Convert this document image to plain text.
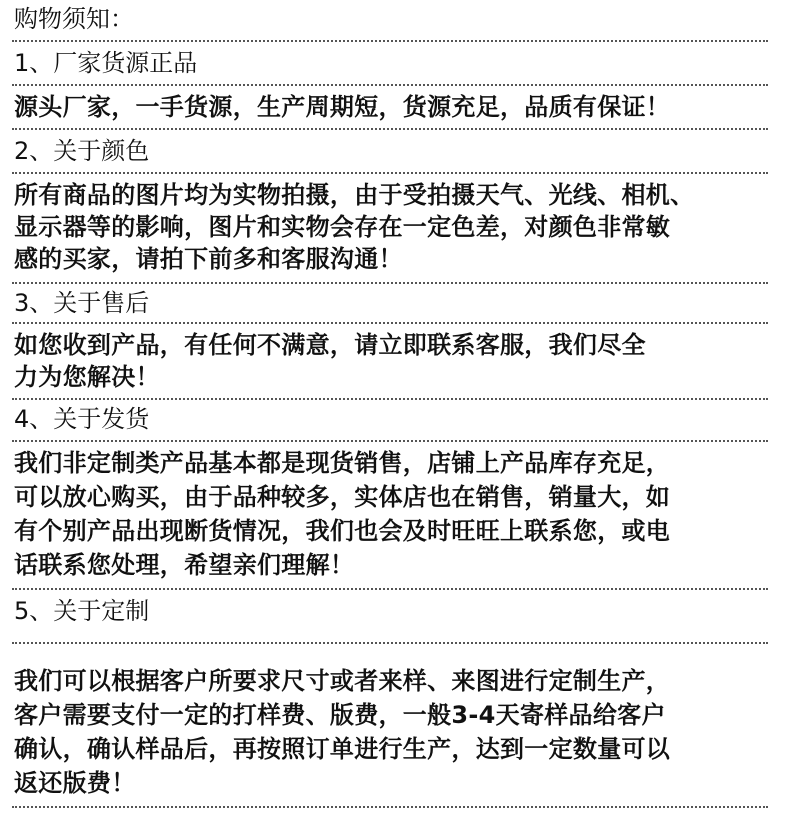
购物须知：
1、厂家货源正品
源头厂家，一手货源，生产周期短，货源充足，品质有保证！
2、关于颜色
所有商品的图片均为实物拍摄，由于受拍摄天气、光线、相机、
显示器等的影响，图片和实物会存在一定色差，对颜色非常敏
感的买家，请拍下前多和客服沟通！
3、关于售后
如您收到产品，有任何不满意，请立即联系客服，我们尽全
力为您解决！
4、关于发货
我们非定制类产品基本都是现货销售，店铺上产品库存充足，
可以放心购买，由于品种较多，实体店也在销售，销量大，如
有个别产品出现断货情况，我们也会及时旺旺上联系您，或电
话联系您处理，希望亲们理解！
5、关于定制
我们可以根据客户所要求尺寸或者来样、来图进行定制生产，
客户需要支付一定的打样费、版费，一般3-4天寄样品给客户
确认，确认样品后，再按照订单进行生产，达到一定数量可以
返还版费！
